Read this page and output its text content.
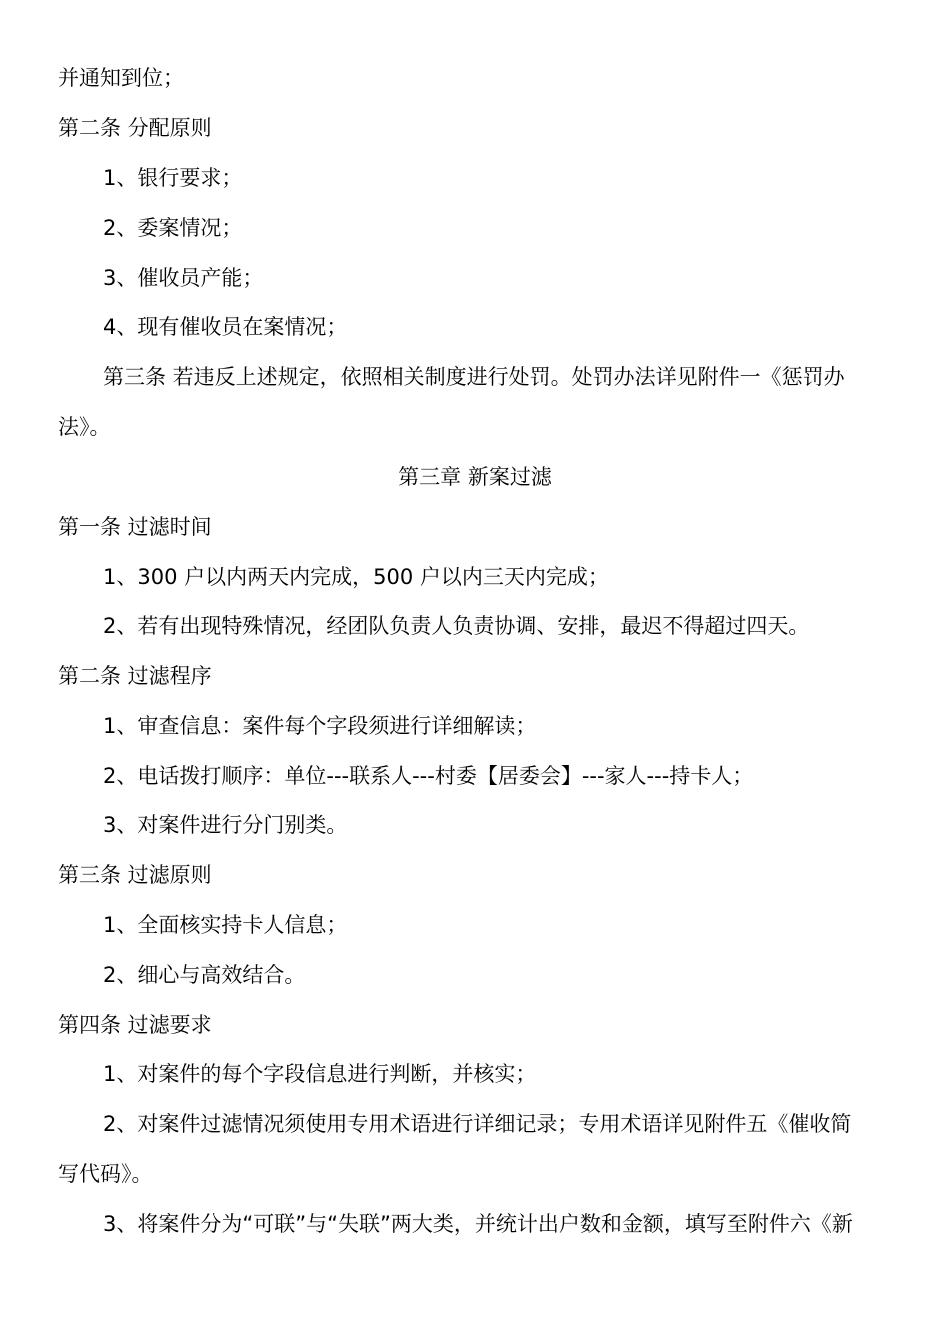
并通知到位；
第二条 分配原则
1、银行要求；
2、委案情况；
3、催收员产能；
4、现有催收员在案情况；
第三条 若违反上述规定，依照相关制度进行处罚。处罚办法详见附件一《惩罚办
法》。
第三章 新案过滤
第一条 过滤时间
1、300 户以内两天内完成，500 户以内三天内完成；
2、若有出现特殊情况，经团队负责人负责协调、安排，最迟不得超过四天。
第二条 过滤程序
1、审查信息：案件每个字段须进行详细解读；
2、电话拨打顺序：单位---联系人---村委【居委会】---家人---持卡人；
3、对案件进行分门别类。
第三条 过滤原则
1、全面核实持卡人信息；
2、细心与高效结合。
第四条 过滤要求
1、对案件的每个字段信息进行判断，并核实；
2、对案件过滤情况须使用专用术语进行详细记录；专用术语详见附件五《催收简
写代码》。
3、将案件分为“可联”与“失联”两大类，并统计出户数和金额，填写至附件六《新
